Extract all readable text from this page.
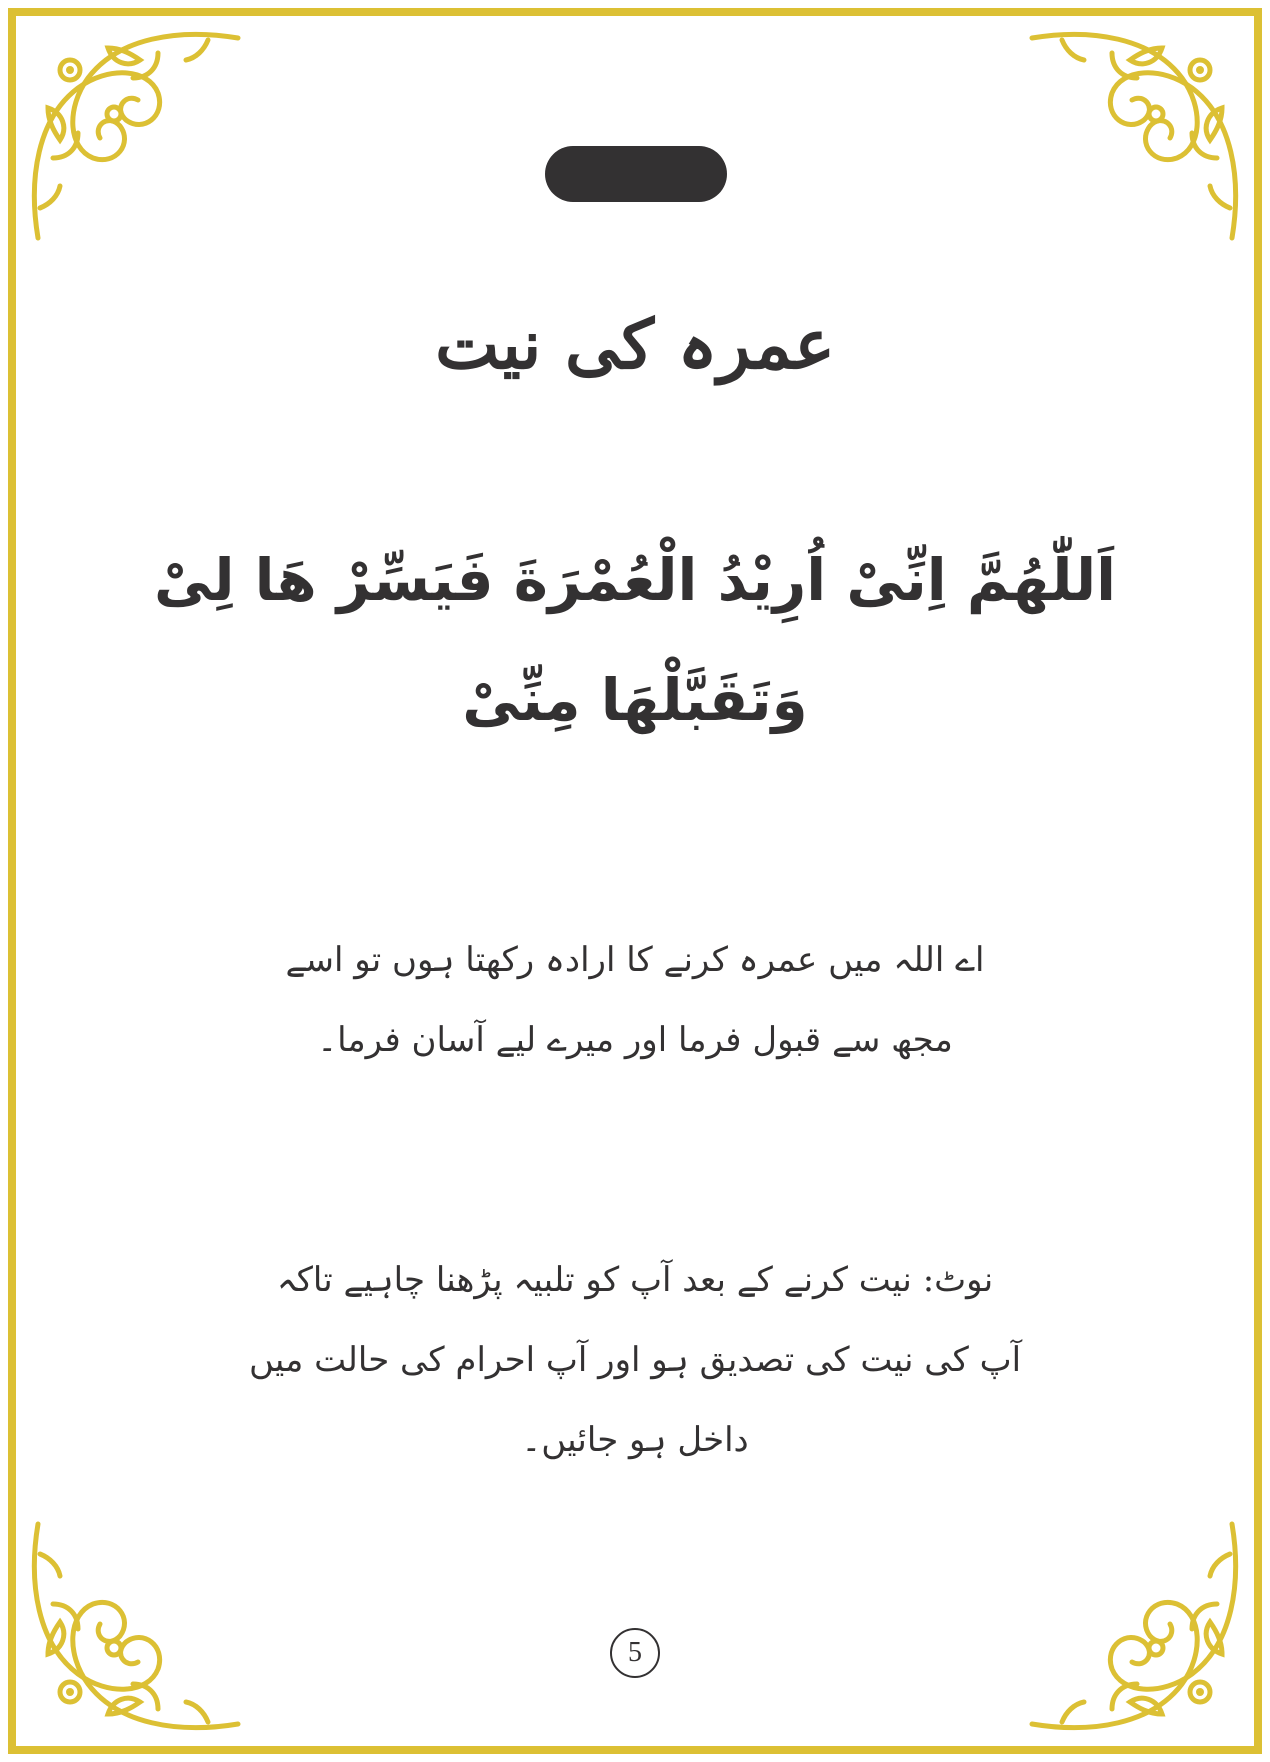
عمرہ کی نیت
اَللّٰھُمَّ اِنِّیْ اُرِیْدُ الْعُمْرَةَ فَیَسِّرْ هَا لِیْ
وَتَقَبَّلْهَا مِنِّیْ
اے اللہ میں عمرہ کرنے کا ارادہ رکھتا ہوں تو اسے
مجھ سے قبول فرما اور میرے لیے آسان فرما۔
نوٹ: نیت کرنے کے بعد آپ کو تلبیہ پڑھنا چاہیے تاکہ
آپ کی نیت کی تصدیق ہو اور آپ احرام کی حالت میں
داخل ہو جائیں۔
5
